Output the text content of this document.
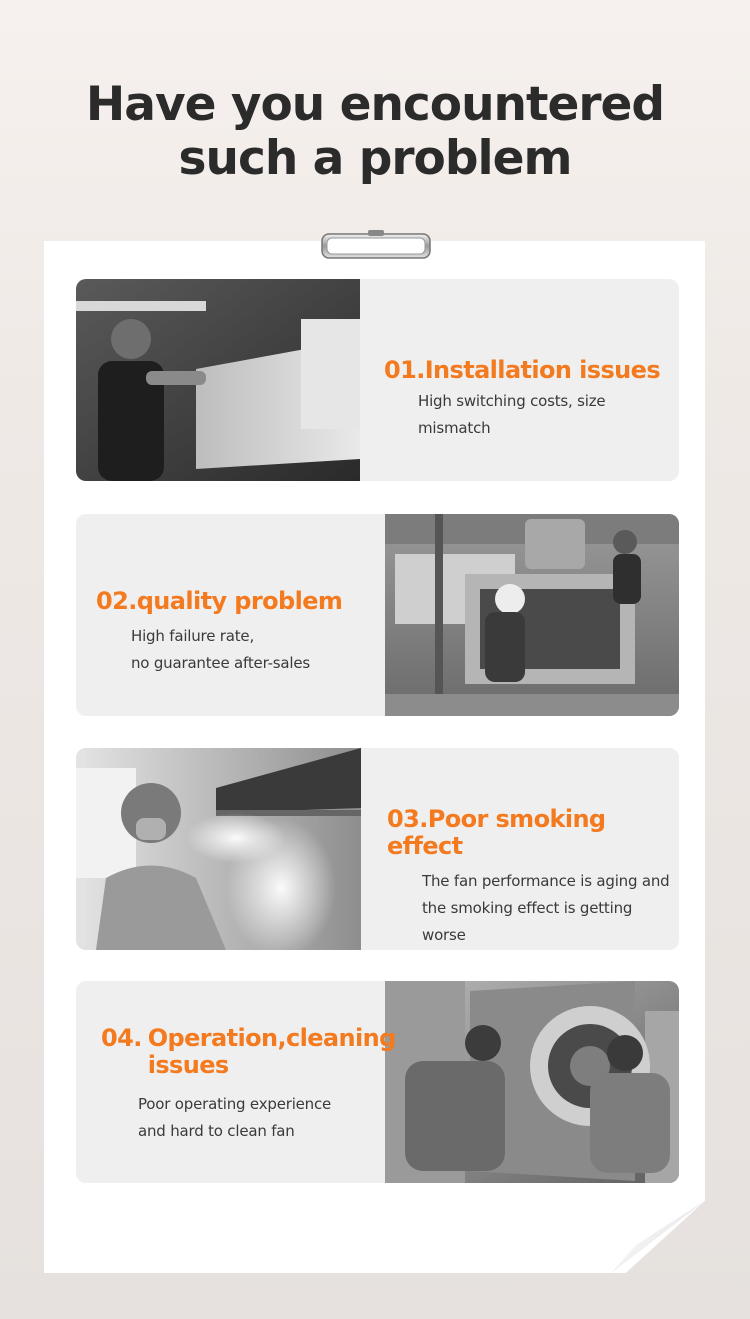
Have you encountered
such a problem
01.Installation issues

High switching costs, size mismatch

02.quality problem

High failure rate,

no guarantee after-sales

03.Poor smoking effect

The fan performance is aging and

the smoking effect is getting worse

04. Operation,cleaning
issues

Poor operating experience

and hard to clean fan
